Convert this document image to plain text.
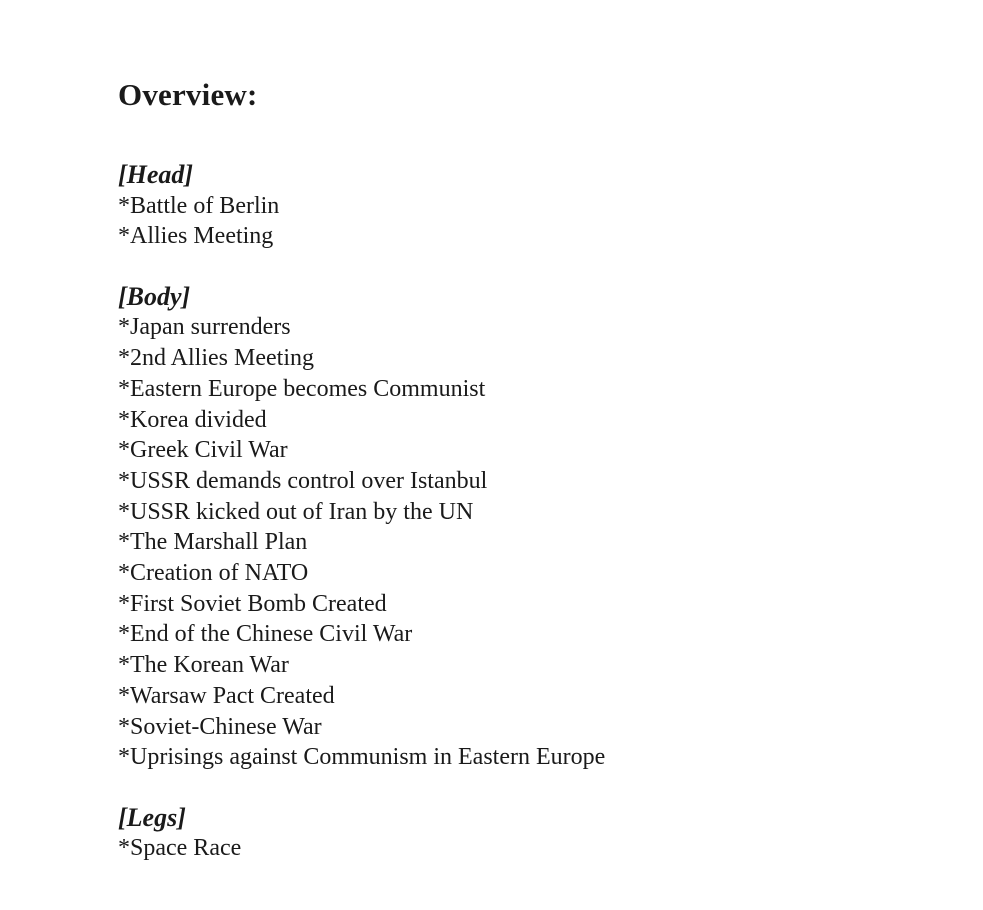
Overview:
[Head]
*Battle of Berlin
*Allies Meeting
[Body]
*Japan surrenders
*2nd Allies Meeting
*Eastern Europe becomes Communist
*Korea divided
*Greek Civil War
*USSR demands control over Istanbul
*USSR kicked out of Iran by the UN
*The Marshall Plan
*Creation of NATO
*First Soviet Bomb Created
*End of the Chinese Civil War
*The Korean War
*Warsaw Pact Created
*Soviet-Chinese War
*Uprisings against Communism in Eastern Europe
[Legs]
*Space Race
